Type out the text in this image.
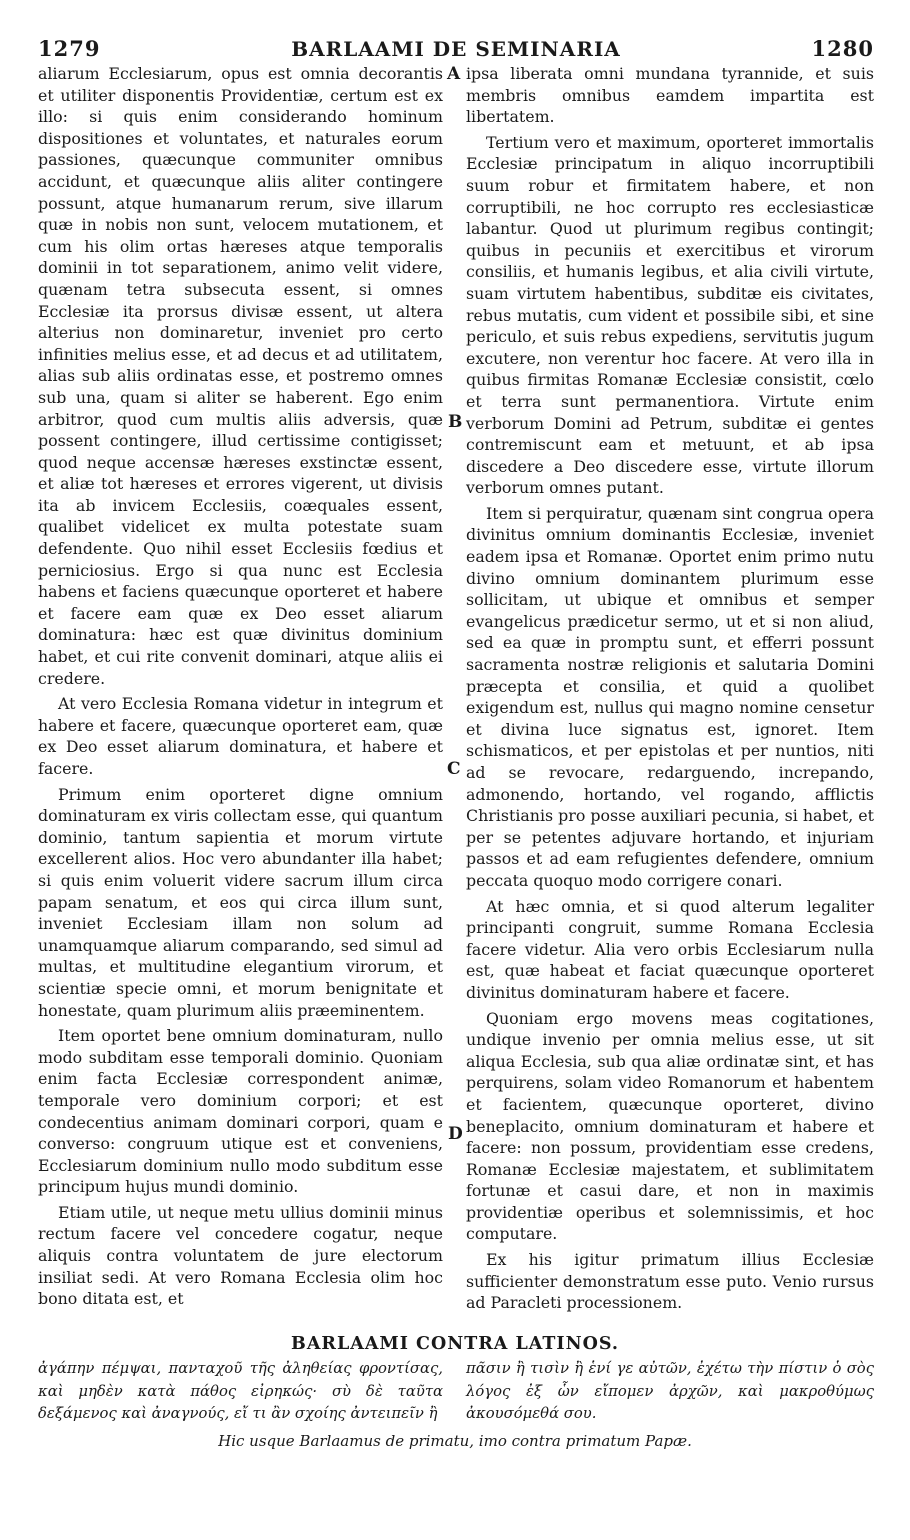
1279	BARLAAMI DE SEMINARIA	1280

aliarum Ecclesiarum, opus est omnia decorantis et utiliter disponentis Providentiæ, certum est ex illo: si quis enim considerando hominum dispositiones et voluntates, et naturales eorum passiones, quæcunque communiter omnibus accidunt, et quæcunque aliis aliter contingere possunt, atque humanarum rerum, sive illarum quæ in nobis non sunt, velocem mutationem, et cum his olim ortas hæreses atque temporalis dominii in tot separationem, animo velit videre, quænam tetra subsecuta essent, si omnes Ecclesiæ ita prorsus divisæ essent, ut altera alterius non dominaretur, inveniet pro certo infinities melius esse, et ad decus et ad utilitatem, alias sub aliis ordinatas esse, et postremo omnes sub una, quam si aliter se haberent. Ego enim arbitror, quod cum multis aliis adversis, quæ possent contingere, illud certissime contigisset; quod neque accensæ hæreses exstinctæ essent, et aliæ tot hæreses et errores vigerent, ut divisis ita ab invicem Ecclesiis, coæquales essent, qualibet videlicet ex multa potestate suam defendente. Quo nihil esset Ecclesiis fœdius et perniciosius. Ergo si qua nunc est Ecclesia habens et faciens quæcunque oporteret et habere et facere eam quæ ex Deo esset aliarum dominatura: hæc est quæ divinitus dominium habet, et cui rite convenit dominari, atque aliis ei credere.

At vero Ecclesia Romana videtur in integrum et habere et facere, quæcunque oporteret eam, quæ ex Deo esset aliarum dominatura, et habere et facere.

Primum enim oporteret digne omnium dominaturam ex viris collectam esse, qui quantum dominio, tantum sapientia et morum virtute excellerent alios. Hoc vero abundanter illa habet; si quis enim voluerit videre sacrum illum circa papam senatum, et eos qui circa illum sunt, inveniet Ecclesiam illam non solum ad unamquamque aliarum comparando, sed simul ad multas, et multitudine elegantium virorum, et scientiæ specie omni, et morum benignitate et honestate, quam plurimum aliis præeminentem.

Item oportet bene omnium dominaturam, nullo modo subditam esse temporali dominio. Quoniam enim facta Ecclesiæ correspondent animæ, temporale vero dominium corpori; et est condecentius animam dominari corpori, quam e converso: congruum utique est et conveniens, Ecclesiarum dominium nullo modo subditum esse principum hujus mundi dominio.

Etiam utile, ut neque metu ullius dominii minus rectum facere vel concedere cogatur, neque aliquis contra voluntatem de jure electorum insiliat sedi. At vero Romana Ecclesia olim hoc bono ditata est, et

A
B
C
D

ipsa liberata omni mundana tyrannide, et suis membris omnibus eamdem impartita est libertatem.

Tertium vero et maximum, oporteret immortalis Ecclesiæ principatum in aliquo incorruptibili suum robur et firmitatem habere, et non corruptibili, ne hoc corrupto res ecclesiasticæ labantur. Quod ut plurimum regibus contingit; quibus in pecuniis et exercitibus et virorum consiliis, et humanis legibus, et alia civili virtute, suam virtutem habentibus, subditæ eis civitates, rebus mutatis, cum vident et possibile sibi, et sine periculo, et suis rebus expediens, servitutis jugum excutere, non verentur hoc facere. At vero illa in quibus firmitas Romanæ Ecclesiæ consistit, cœlo et terra sunt permanentiora. Virtute enim verborum Domini ad Petrum, subditæ ei gentes contremiscunt eam et metuunt, et ab ipsa discedere a Deo discedere esse, virtute illorum verborum omnes putant.

Item si perquiratur, quænam sint congrua opera divinitus omnium dominantis Ecclesiæ, inveniet eadem ipsa et Romanæ. Oportet enim primo nutu divino omnium dominantem plurimum esse sollicitam, ut ubique et omnibus et semper evangelicus prædicetur sermo, ut et si non aliud, sed ea quæ in promptu sunt, et efferri possunt sacramenta nostræ religionis et salutaria Domini præcepta et consilia, et quid a quolibet exigendum est, nullus qui magno nomine censetur et divina luce signatus est, ignoret. Item schismaticos, et per epistolas et per nuntios, niti ad se revocare, redarguendo, increpando, admonendo, hortando, vel rogando, afflictis Christianis pro posse auxiliari pecunia, si habet, et per se petentes adjuvare hortando, et injuriam passos et ad eam refugientes defendere, omnium peccata quoquo modo corrigere conari.

At hæc omnia, et si quod alterum legaliter principanti congruit, summe Romana Ecclesia facere videtur. Alia vero orbis Ecclesiarum nulla est, quæ habeat et faciat quæcunque oporteret divinitus dominaturam habere et facere.

Quoniam ergo movens meas cogitationes, undique invenio per omnia melius esse, ut sit aliqua Ecclesia, sub qua aliæ ordinatæ sint, et has perquirens, solam video Romanorum et habentem et facientem, quæcunque oporteret, divino beneplacito, omnium dominaturam et habere et facere: non possum, providentiam esse credens, Romanæ Ecclesiæ majestatem, et sublimitatem fortunæ et casui dare, et non in maximis providentiæ operibus et solemnissimis, et hoc computare.

Ex his igitur primatum illius Ecclesiæ sufficienter demonstratum esse puto. Venio rursus ad Paracleti processionem.

BARLAAMI CONTRA LATINOS.
ἀγάπην πέμψαι, πανταχοῦ τῆς ἀληθείας φροντίσας, καὶ μηδὲν κατὰ πάθος εἰρηκώς· σὺ δὲ ταῦτα δεξάμενος καὶ ἀναγνούς, εἴ τι ἂν σχοίης ἀντειπεῖν ἢ
πᾶσιν ἢ τισὶν ἢ ἑνί γε αὐτῶν, ἐχέτω τὴν πίστιν ὁ σὸς λόγος ἐξ ὧν εἴπομεν ἀρχῶν, καὶ μακροθύμως ἀκουσόμεθά σου.
Hic usque Barlaamus de primatu, imo contra primatum Papæ.
